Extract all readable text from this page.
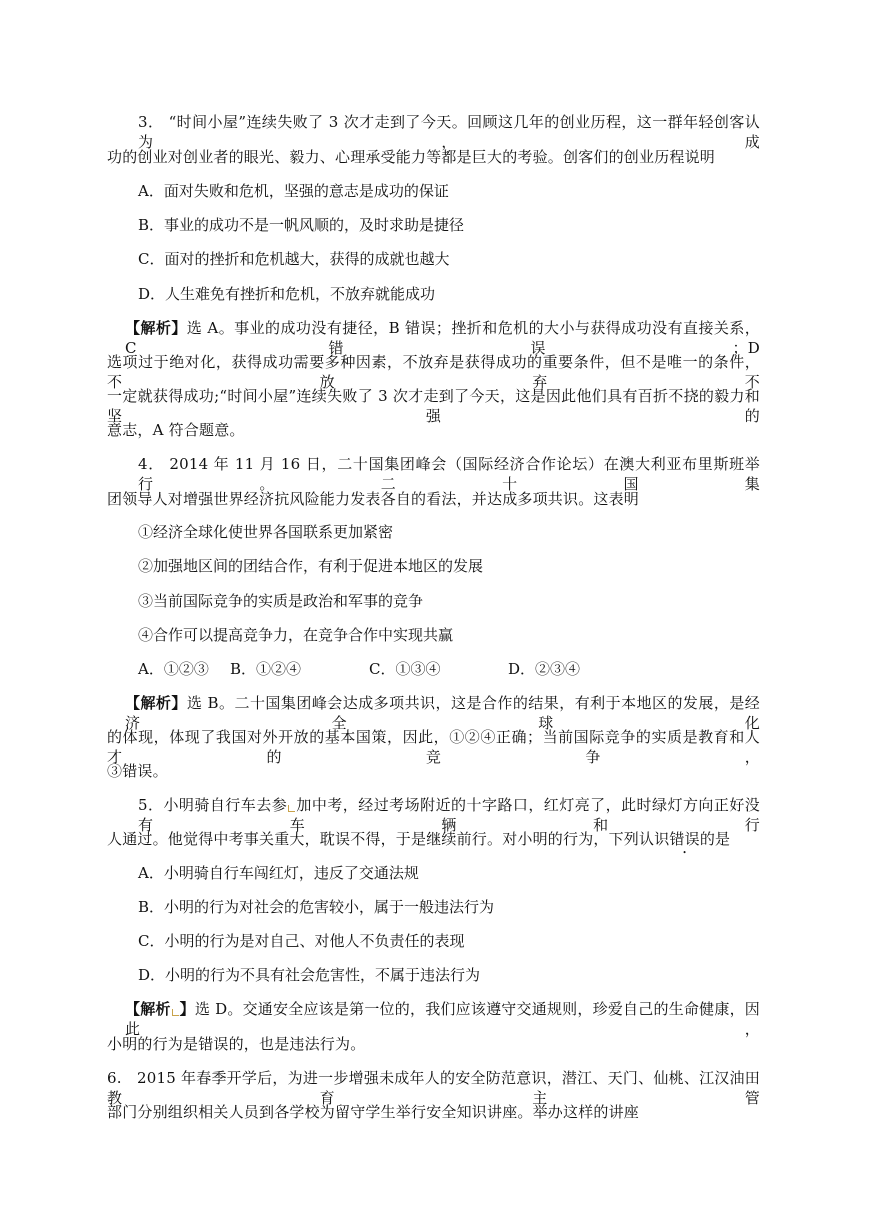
3． “时间小屋”连续失败了 3 次才走到了今天。回顾这几年的创业历程，这一群年轻创客认为，成
功的创业对创业者的眼光、毅力、心理承受能力等都是巨大的考验。创客们的创业历程说明
A．面对失败和危机，坚强的意志是成功的保证
B．事业的成功不是一帆风顺的，及时求助是捷径
C．面对的挫折和危机越大，获得的成就也越大
D．人生难免有挫折和危机，不放弃就能成功
【解析】选 A。事业的成功没有捷径，B 错误；挫折和危机的大小与获得成功没有直接关系，C 错误；D
选项过于绝对化，获得成功需要多种因素，不放弃是获得成功的重要条件，但不是唯一的条件，不放弃不
一定就获得成功;“时间小屋”连续失败了 3 次才走到了今天，这是因此他们具有百折不挠的毅力和坚强的
意志，A 符合题意。
4． 2014 年 11 月 16 日，二十国集团峰会（国际经济合作论坛）在澳大利亚布里斯班举行。二十国集
团领导人对增强世界经济抗风险能力发表各自的看法，并达成多项共识。这表明
①经济全球化使世界各国联系更加紧密
②加强地区间的团结合作，有利于促进本地区的发展
③当前国际竞争的实质是政治和军事的竞争
④合作可以提高竞争力，在竞争合作中实现共赢
A．①②③ B．①②④	C．①③④	D．②③④
【解析】选 B。二十国集团峰会达成多项共识，这是合作的结果，有利于本地区的发展，是经济全球化
的体现，体现了我国对外开放的基本国策，因此，①②④正确；当前国际竞争的实质是教育和人才的竞争，
③错误。
5．小明骑自行车去参 加中考，经过考场附近的十字路口，红灯亮了，此时绿灯方向正好没有车辆和行
人通过。他觉得中考事关重大，耽误不得，于是继续前行。对小明的行为，下列认识错误的是
A．小明骑自行车闯红灯，违反了交通法规
B．小明的行为对社会的危害较小，属于一般违法行为
C．小明的行为是对自己、对他人不负责任的表现
D．小明的行为不具有社会危害性，不属于违法行为
【解析 】选 D。交通安全应该是第一位的，我们应该遵守交通规则，珍爱自己的生命健康，因此，
小明的行为是错误的，也是违法行为。
6.　2015 年春季开学后，为进一步增强未成年人的安全防范意识，潜江、天门、仙桃、江汉油田教育主管
部门分别组织相关人员到各学校为留守学生举行安全知识讲座。举办这样的讲座
